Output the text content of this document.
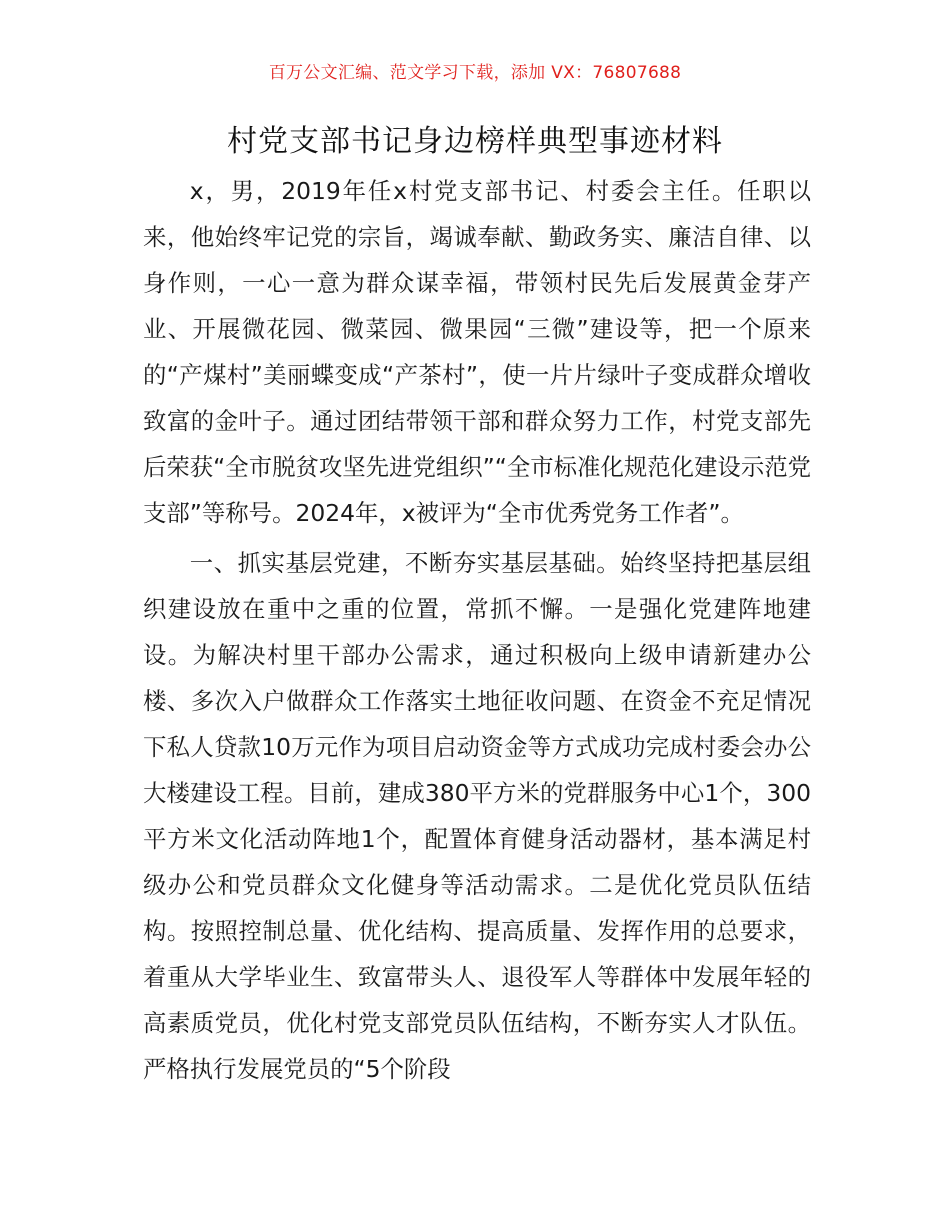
百万公文汇编、范文学习下载，添加 VX：76807688
村党支部书记身边榜样典型事迹材料

x，男，2019年任x村党支部书记、村委会主任。任职以来，他始终牢记党的宗旨，竭诚奉献、勤政务实、廉洁自律、以身作则，一心一意为群众谋幸福，带领村民先后发展黄金芽产业、开展微花园、微菜园、微果园“三微”建设等，把一个原来的“产煤村”美丽蝶变成“产茶村”，使一片片绿叶子变成群众增收致富的金叶子。通过团结带领干部和群众努力工作，村党支部先后荣获“全市脱贫攻坚先进党组织”“全市标准化规范化建设示范党支部”等称号。2024年，x被评为“全市优秀党务工作者”。

一、抓实基层党建，不断夯实基层基础。始终坚持把基层组织建设放在重中之重的位置，常抓不懈。一是强化党建阵地建设。为解决村里干部办公需求，通过积极向上级申请新建办公楼、多次入户做群众工作落实土地征收问题、在资金不充足情况下私人贷款10万元作为项目启动资金等方式成功完成村委会办公大楼建设工程。目前，建成380平方米的党群服务中心1个，300平方米文化活动阵地1个，配置体育健身活动器材，基本满足村级办公和党员群众文化健身等活动需求。二是优化党员队伍结构。按照控制总量、优化结构、提高质量、发挥作用的总要求，着重从大学毕业生、致富带头人、退役军人等群体中发展年轻的高素质党员，优化村党支部党员队伍结构，不断夯实人才队伍。严格执行发展党员的“5个阶段
